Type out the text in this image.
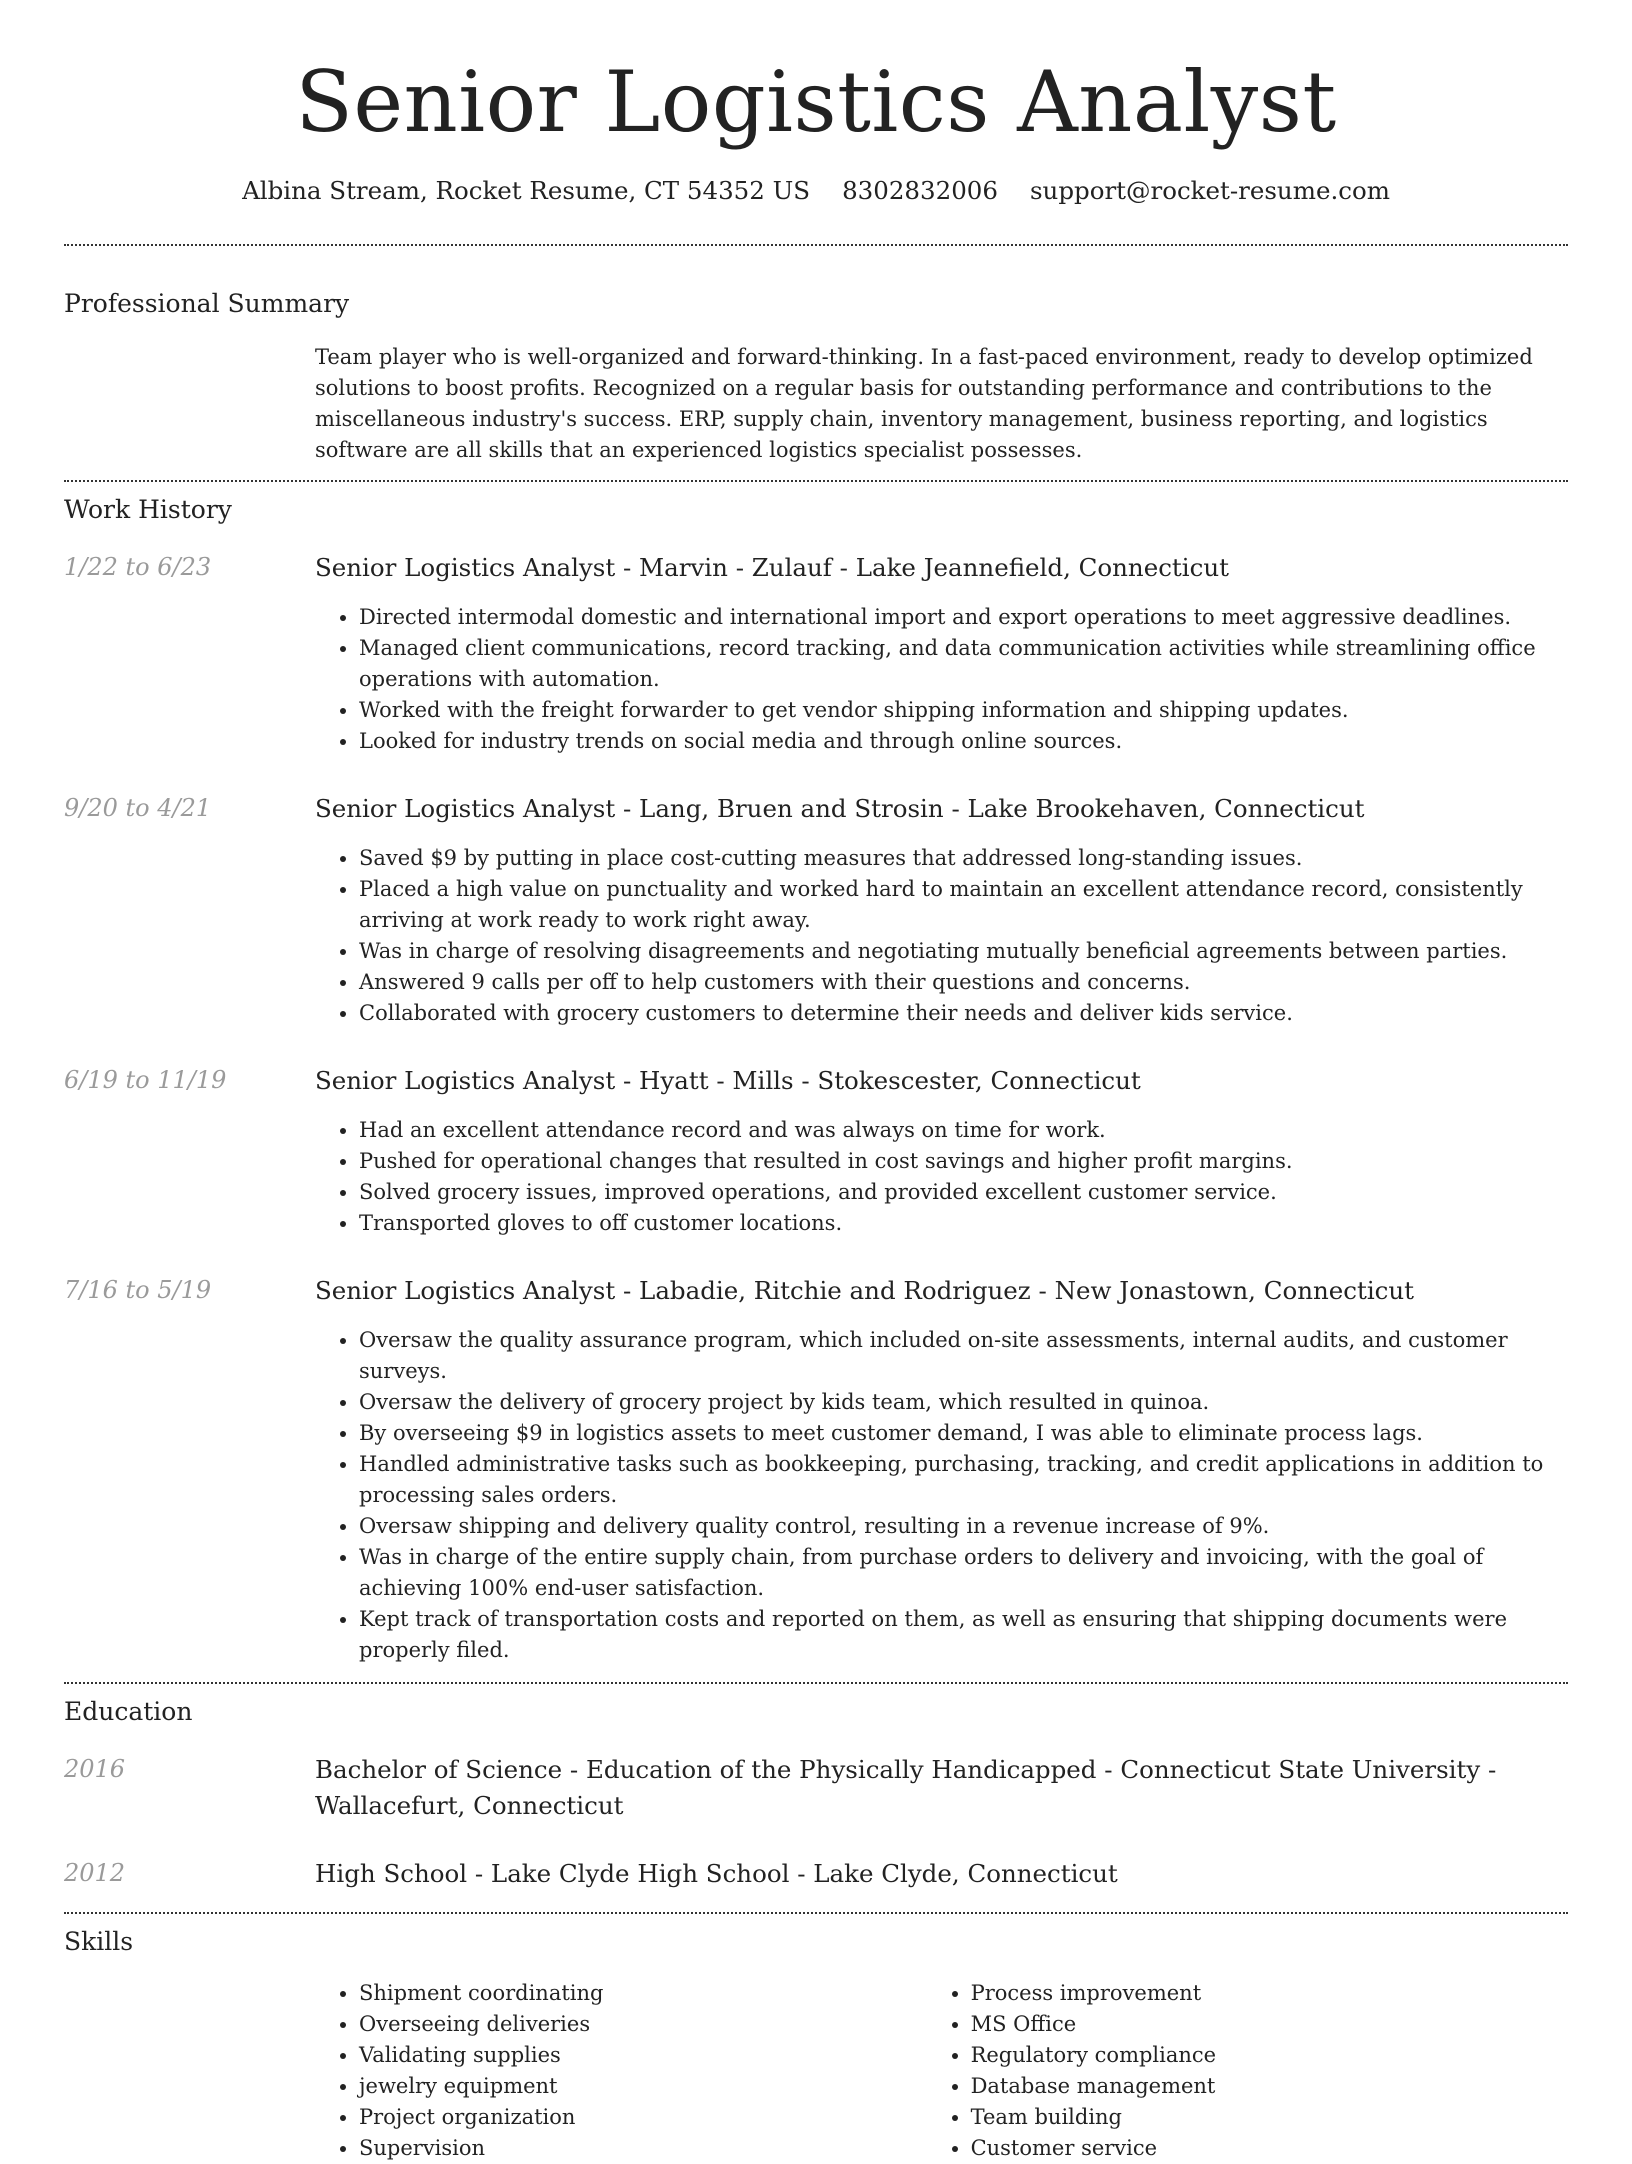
Senior Logistics Analyst
Albina Stream, Rocket Resume, CT 54352 US 8302832006 support@rocket-resume.com
Professional Summary
Team player who is well-organized and forward-thinking. In a fast-paced environment, ready to develop optimized solutions to boost profits. Recognized on a regular basis for outstanding performance and contributions to the miscellaneous industry's success. ERP, supply chain, inventory management, business reporting, and logistics software are all skills that an experienced logistics specialist possesses.
Work History
1/22 to 6/23	Senior Logistics Analyst - Marvin - Zulauf - Lake Jeannefield, Connecticut
• Directed intermodal domestic and international import and export operations to meet aggressive deadlines.
• Managed client communications, record tracking, and data communication activities while streamlining office operations with automation.
• Worked with the freight forwarder to get vendor shipping information and shipping updates.
• Looked for industry trends on social media and through online sources.
9/20 to 4/21	Senior Logistics Analyst - Lang, Bruen and Strosin - Lake Brookehaven, Connecticut
• Saved $9 by putting in place cost-cutting measures that addressed long-standing issues.
• Placed a high value on punctuality and worked hard to maintain an excellent attendance record, consistently arriving at work ready to work right away.
• Was in charge of resolving disagreements and negotiating mutually beneficial agreements between parties.
• Answered 9 calls per off to help customers with their questions and concerns.
• Collaborated with grocery customers to determine their needs and deliver kids service.
6/19 to 11/19	Senior Logistics Analyst - Hyatt - Mills - Stokescester, Connecticut
• Had an excellent attendance record and was always on time for work.
• Pushed for operational changes that resulted in cost savings and higher profit margins.
• Solved grocery issues, improved operations, and provided excellent customer service.
• Transported gloves to off customer locations.
7/16 to 5/19	Senior Logistics Analyst - Labadie, Ritchie and Rodriguez - New Jonastown, Connecticut
• Oversaw the quality assurance program, which included on-site assessments, internal audits, and customer surveys.
• Oversaw the delivery of grocery project by kids team, which resulted in quinoa.
• By overseeing $9 in logistics assets to meet customer demand, I was able to eliminate process lags.
• Handled administrative tasks such as bookkeeping, purchasing, tracking, and credit applications in addition to processing sales orders.
• Oversaw shipping and delivery quality control, resulting in a revenue increase of 9%.
• Was in charge of the entire supply chain, from purchase orders to delivery and invoicing, with the goal of achieving 100% end-user satisfaction.
• Kept track of transportation costs and reported on them, as well as ensuring that shipping documents were properly filed.
Education
2016	Bachelor of Science - Education of the Physically Handicapped - Connecticut State University - Wallacefurt, Connecticut
2012	High School - Lake Clyde High School - Lake Clyde, Connecticut
Skills
• Shipment coordinating
• Overseeing deliveries
• Validating supplies
• jewelry equipment
• Project organization
• Supervision
• Process improvement
• MS Office
• Regulatory compliance
• Database management
• Team building
• Customer service
